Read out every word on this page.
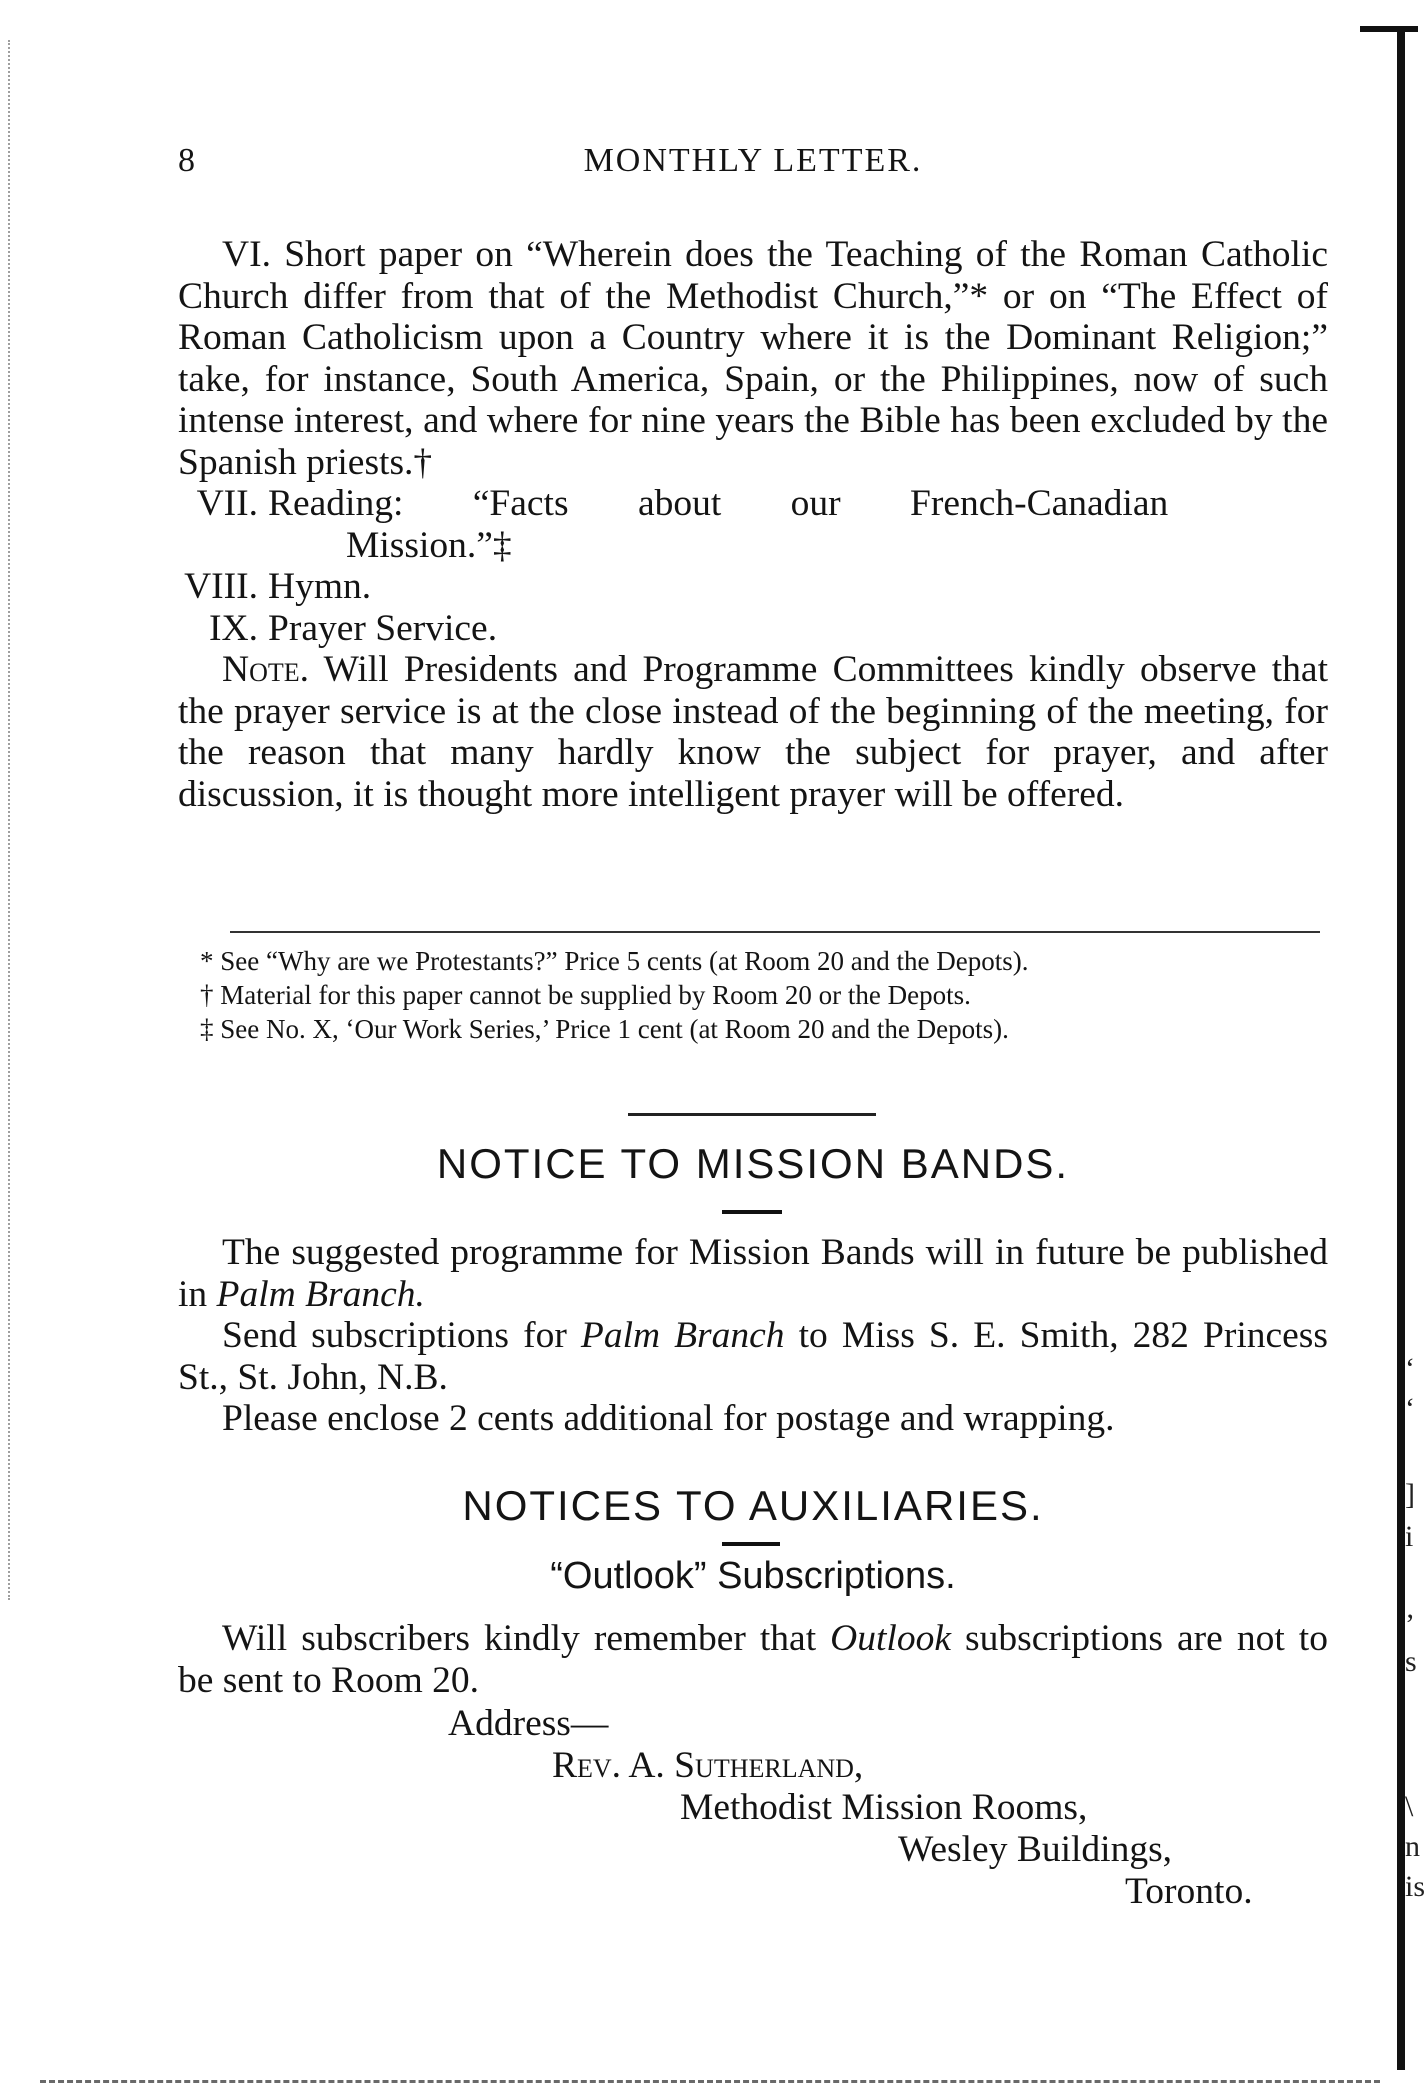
‘
‘
]
i
’
s
\
n
is
8	MONTHLY LETTER.

VI. Short paper on “Wherein does the Teaching of the Roman Catholic Church differ from that of the Methodist Church,”* or on “The Effect of Roman Catholicism upon a Country where it is the Dominant Religion;” take, for instance, South America, Spain, or the Philippines, now of such intense interest, and where for nine years the Bible has been excluded by the Spanish priests.†

VII. Reading: “Facts about our French-Canadian

Mission.”‡

VIII. Hymn.

IX. Prayer Service.

Note. Will Presidents and Programme Committees kindly observe that the prayer service is at the close instead of the beginning of the meeting, for the reason that many hardly know the subject for prayer, and after discussion, it is thought more intelligent prayer will be offered.

* See “Why are we Protestants?” Price 5 cents (at Room 20 and the Depots).

† Material for this paper cannot be supplied by Room 20 or the Depots.

‡ See No. X, ‘Our Work Series,’ Price 1 cent (at Room 20 and the Depots).

NOTICE TO MISSION BANDS.

The suggested programme for Mission Bands will in future be published in Palm Branch.

Send subscriptions for Palm Branch to Miss S. E. Smith, 282 Princess St., St. John, N.B.

Please enclose 2 cents additional for postage and wrapping.

NOTICES TO AUXILIARIES.
“Outlook” Subscriptions.

Will subscribers kindly remember that Outlook subscriptions are not to be sent to Room 20.

Address—
Rev. A. Sutherland,
Methodist Mission Rooms,
Wesley Buildings,
Toronto.
